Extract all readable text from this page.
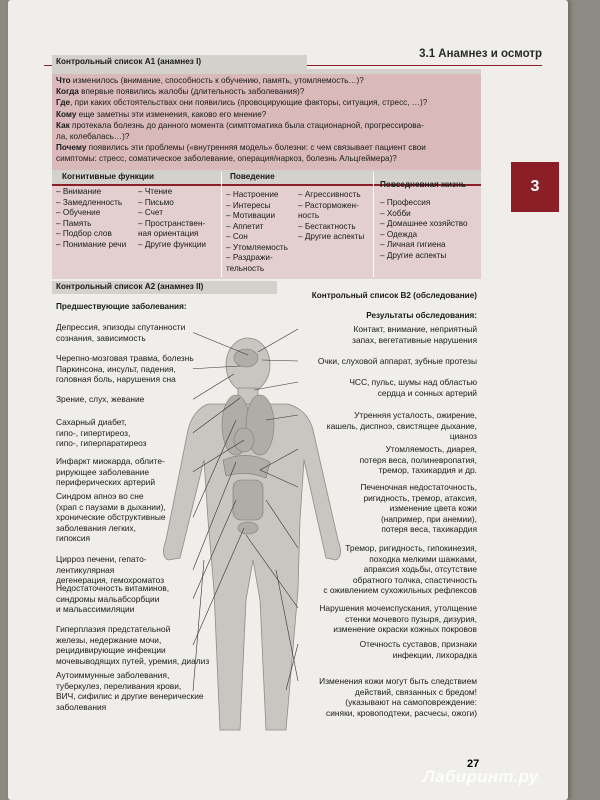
3.1 Анамнез и осмотр
Контрольный список A1 (анамнез I)
Что изменилось (внимание, способность к обучению, память, утомляемость…)?
Когда впервые появились жалобы (длительность заболевания)?
Где, при каких обстоятельствах они появились (провоцирующие факторы, ситуация, стресс, …)?
Кому еще заметны эти изменения, каково его мнение?
Как протекала болезнь до данного момента (симптоматика была стационарной, прогрессирова-
ла, колебалась…)?
Почему появились эти проблемы («внутренняя модель» болезни: с чем связывает пациент свои
симптомы: стресс, соматическое заболевание, операция/наркоз, болезнь Альцгеймера)?
Когнитивные функции	Поведение
Повседневная жизнь
– Внимание
– Замедленность
– Обучение
– Память
– Подбор слов
– Понимание речи
– Чтение
– Письмо
– Счет
– Пространствен-
ная ориентация
– Другие функции
– Настроение
– Интересы
– Мотивации
– Аппетит
– Сон
– Утомляемость
– Раздражи-
тельность
– Агрессивность
– Расторможен-
ность
– Бестактность
– Другие аспекты
– Профессия
– Хобби
– Домашнее хозяйство
– Одежда
– Личная гигиена
– Другие аспекты
Контрольный список A2 (анамнез II)
Предшествующие заболевания:
Контрольный список B2 (обследование)
Результаты обследования:
Депрессия, эпизоды спутанности
сознания, зависимость
Черепно-мозговая травма, болезнь
Паркинсона, инсульт, падения,
головная боль, нарушения сна
Зрение, слух, жевание
Сахарный диабет,
гипо-, гипертиреоз,
гипо-, гиперпаратиреоз
Инфаркт миокарда, облите-
рирующее заболевание
периферических артерий
Синдром апноэ во сне
(храп с паузами в дыхании),
хронические обструктивные
заболевания легких,
гипоксия
Цирроз печени, гепато-
лентикулярная
дегенерация, гемохроматоз
Недостаточность витаминов,
синдромы мальабсорбции
и мальассимиляции
Гиперплазия предстательной
железы, недержание мочи,
рецидивирующие инфекции
мочевыводящих путей, уремия, диализ
Аутоиммунные заболевания,
туберкулез, переливания крови,
ВИЧ, сифилис и другие венерические
заболевания
Контакт, внимание, неприятный
запах, вегетативные нарушения
Очки, слуховой аппарат, зубные протезы
ЧСС, пульс, шумы над областью
сердца и сонных артерий
Утренняя усталость, ожирение,
кашель, диспноэ, свистящее дыхание,
цианоз
Утомляемость, диарея,
потеря веса, полиневропатия,
тремор, тахикардия и др.
Печеночная недостаточность,
ригидность, тремор, атаксия,
изменение цвета кожи
(например, при анемии),
потеря веса, тахикардия
Тремор, ригидность, гипокинезия,
походка мелкими шажками,
апраксия ходьбы, отсутствие
обратного толчка, спастичность
с оживлением сухожильных рефлексов
Нарушения мочеиспускания, утолщение
стенки мочевого пузыря, дизурия,
изменение окраски кожных покровов
Отечность суставов, признаки
инфекции, лихорадка
Изменения кожи могут быть следствием
действий, связанных с бредом!
(указывают на самоповреждение:
синяки, кровоподтеки, расчесы, ожоги)
3
27
Лабиринт.ру
